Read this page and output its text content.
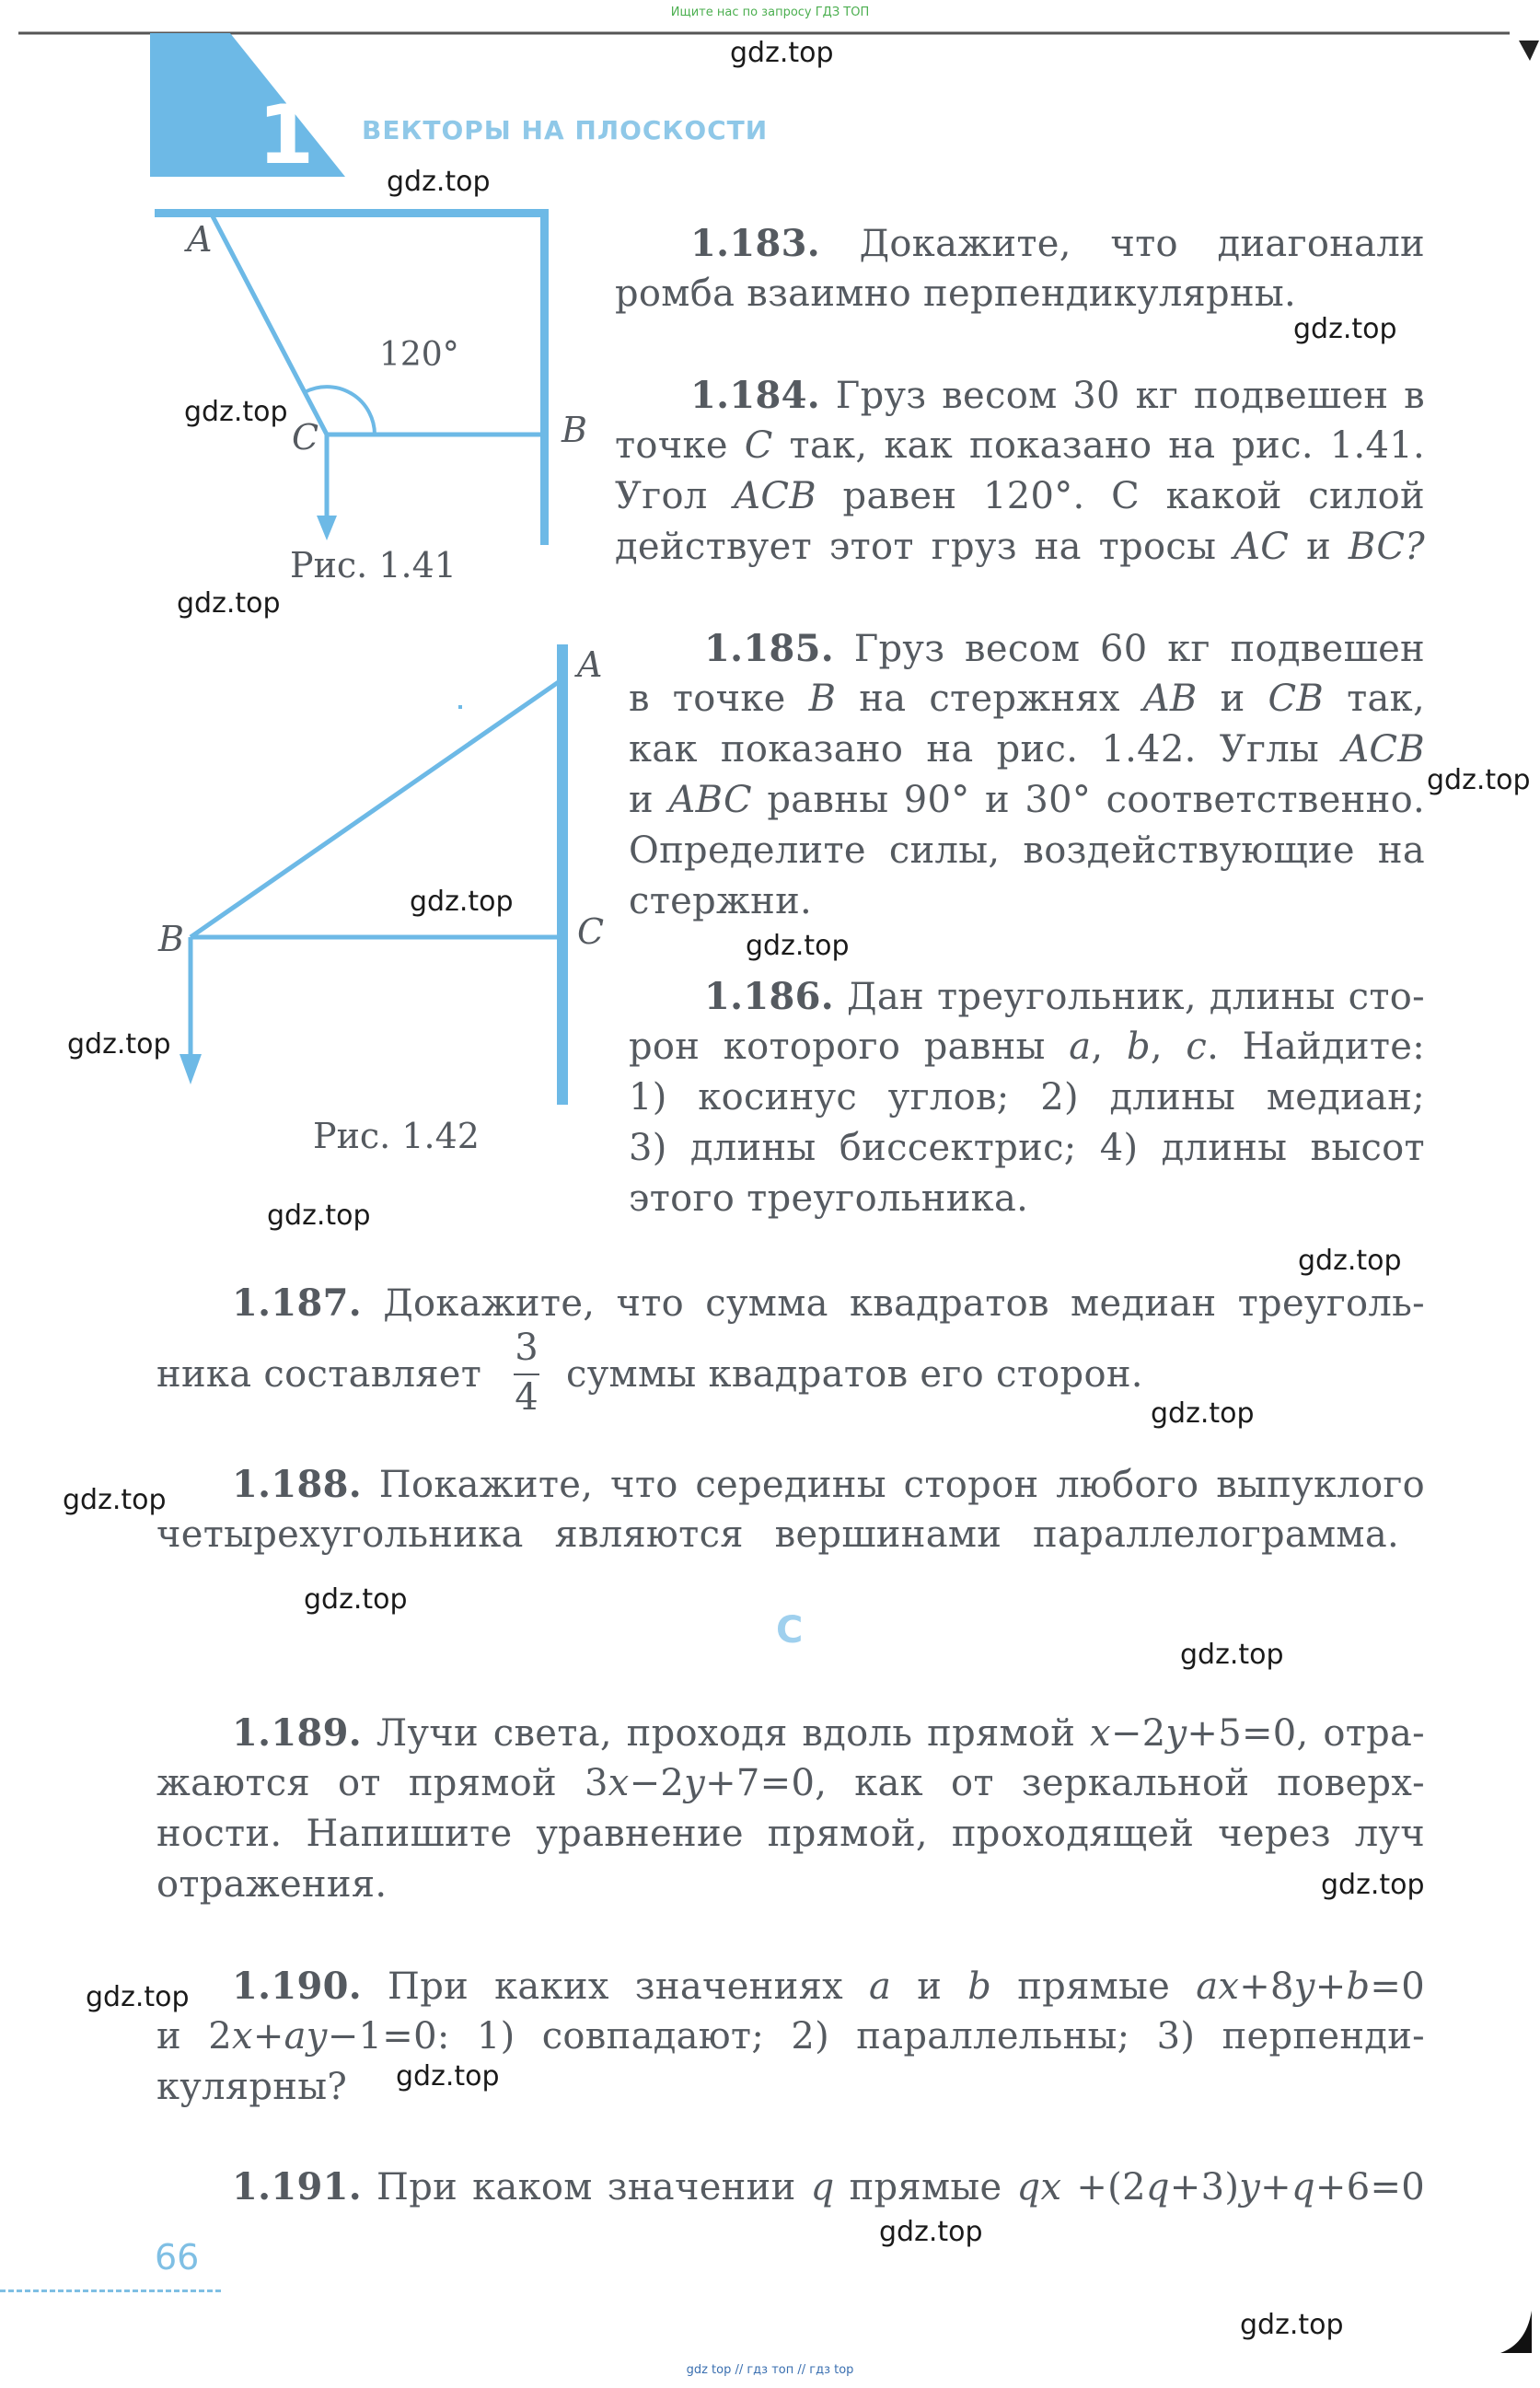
Ищите нас по запросу ГДЗ ТОП
1 ВЕКТОРЫ НА ПЛОСКОСТИ
A
C	B
120°
Рис. 1.41
A
B	C
Рис. 1.42
1.183. Докажите, что диагонали
ромба взаимно перпендикулярны.
1.184. Груз весом 30 кг подвешен в
точке C так, как показано на рис. 1.41.
Угол ACB равен 120°. С какой силой
действует этот груз на тросы AC и BC?
1.185. Груз весом 60 кг подвешен
в точке B на стержнях AB и CB так,
как показано на рис. 1.42. Углы ACB
и ABC равны 90° и 30° соответственно.
Определите силы, воздействующие на
стержни.
1.186. Дан треугольник, длины сто-
рон которого равны a, b, c. Найдите:
1) косинус углов; 2) длины медиан;
3) длины биссектрис; 4) длины высот
этого треугольника.
1.187. Докажите, что сумма квадратов медиан треуголь-
ника составляет
3
4
суммы квадратов его сторон.
1.188. Покажите, что середины сторон любого выпуклого
четырехугольника являются вершинами параллелограмма.
C
1.189. Лучи света, проходя вдоль прямой x−2y+5=0, отра-
жаются от прямой 3x−2y+7=0, как от зеркальной поверх-
ности. Напишите уравнение прямой, проходящей через луч
отражения.
1.190. При каких значениях a и b прямые ax+8y+b=0
и 2x+ay−1=0: 1) совпадают; 2) параллельны; 3) перпенди-
кулярны?
1.191. При каком значении q прямые qx +(2q+3)y+q+6=0
66
gdz top // гдз топ // гдз top
gdz.top
gdz.top
gdz.top
gdz.top
gdz.top
gdz.top
gdz.top
gdz.top
gdz.top
gdz.top
gdz.top
gdz.top
gdz.top
gdz.top
gdz.top
gdz.top
gdz.top
gdz.top
gdz.top
gdz.top
